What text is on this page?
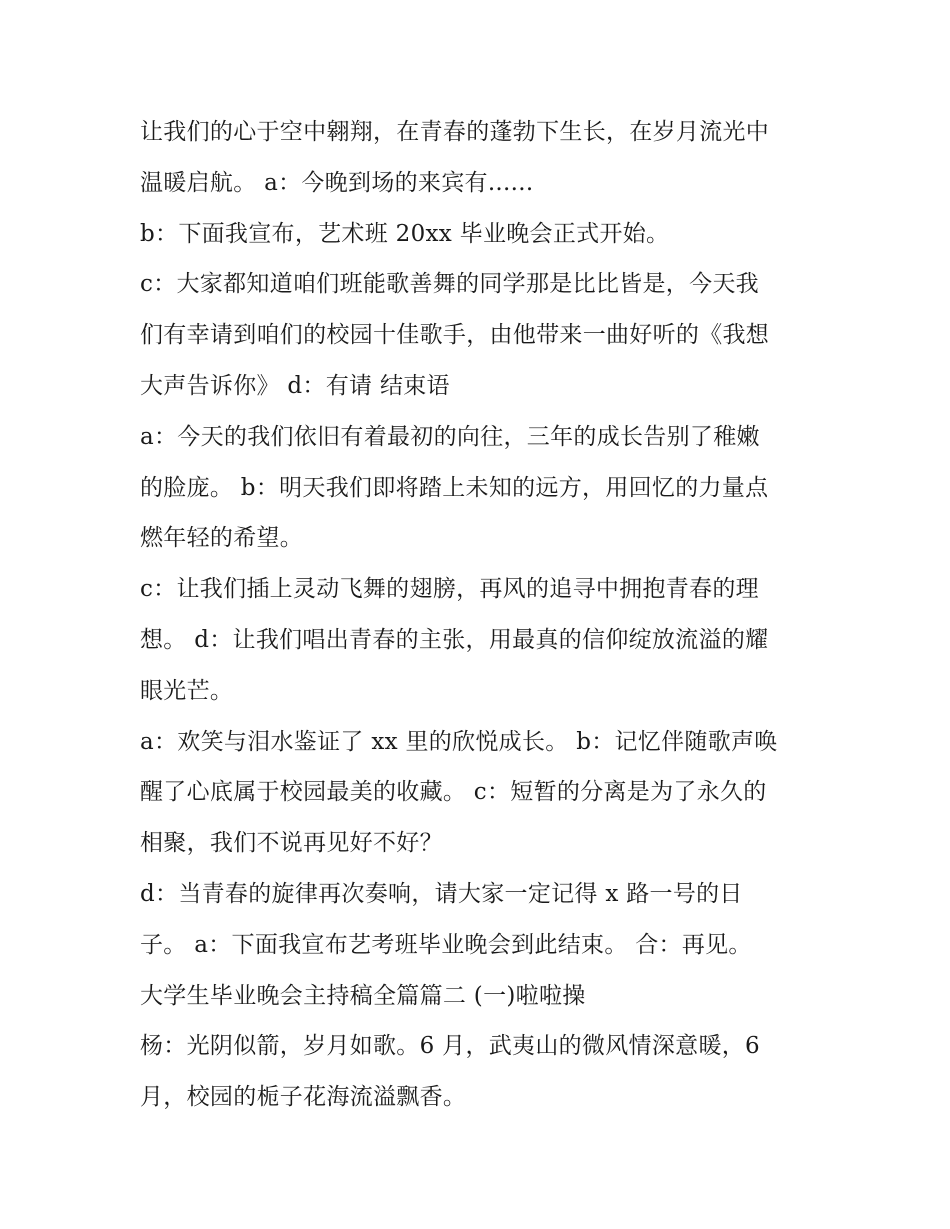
让我们的心于空中翱翔，在青春的蓬勃下生长，在岁月流光中
温暖启航。 a：今晚到场的来宾有......
b：下面我宣布，艺术班 20xx 毕业晚会正式开始。
c：大家都知道咱们班能歌善舞的同学那是比比皆是，今天我
们有幸请到咱们的校园十佳歌手，由他带来一曲好听的《我想
大声告诉你》 d：有请 结束语
a：今天的我们依旧有着最初的向往，三年的成长告别了稚嫩
的脸庞。 b：明天我们即将踏上未知的远方，用回忆的力量点
燃年轻的希望。
c：让我们插上灵动飞舞的翅膀，再风的追寻中拥抱青春的理
想。 d：让我们唱出青春的主张，用最真的信仰绽放流溢的耀
眼光芒。
a：欢笑与泪水鉴证了 xx 里的欣悦成长。 b：记忆伴随歌声唤
醒了心底属于校园最美的收藏。 c：短暂的分离是为了永久的
相聚，我们不说再见好不好？
d：当青春的旋律再次奏响，请大家一定记得 x 路一号的日
子。 a：下面我宣布艺考班毕业晚会到此结束。 合：再见。
大学生毕业晚会主持稿全篇篇二 (一)啦啦操
杨：光阴似箭，岁月如歌。6 月，武夷山的微风情深意暖，6
月，校园的栀子花海流溢飘香。
